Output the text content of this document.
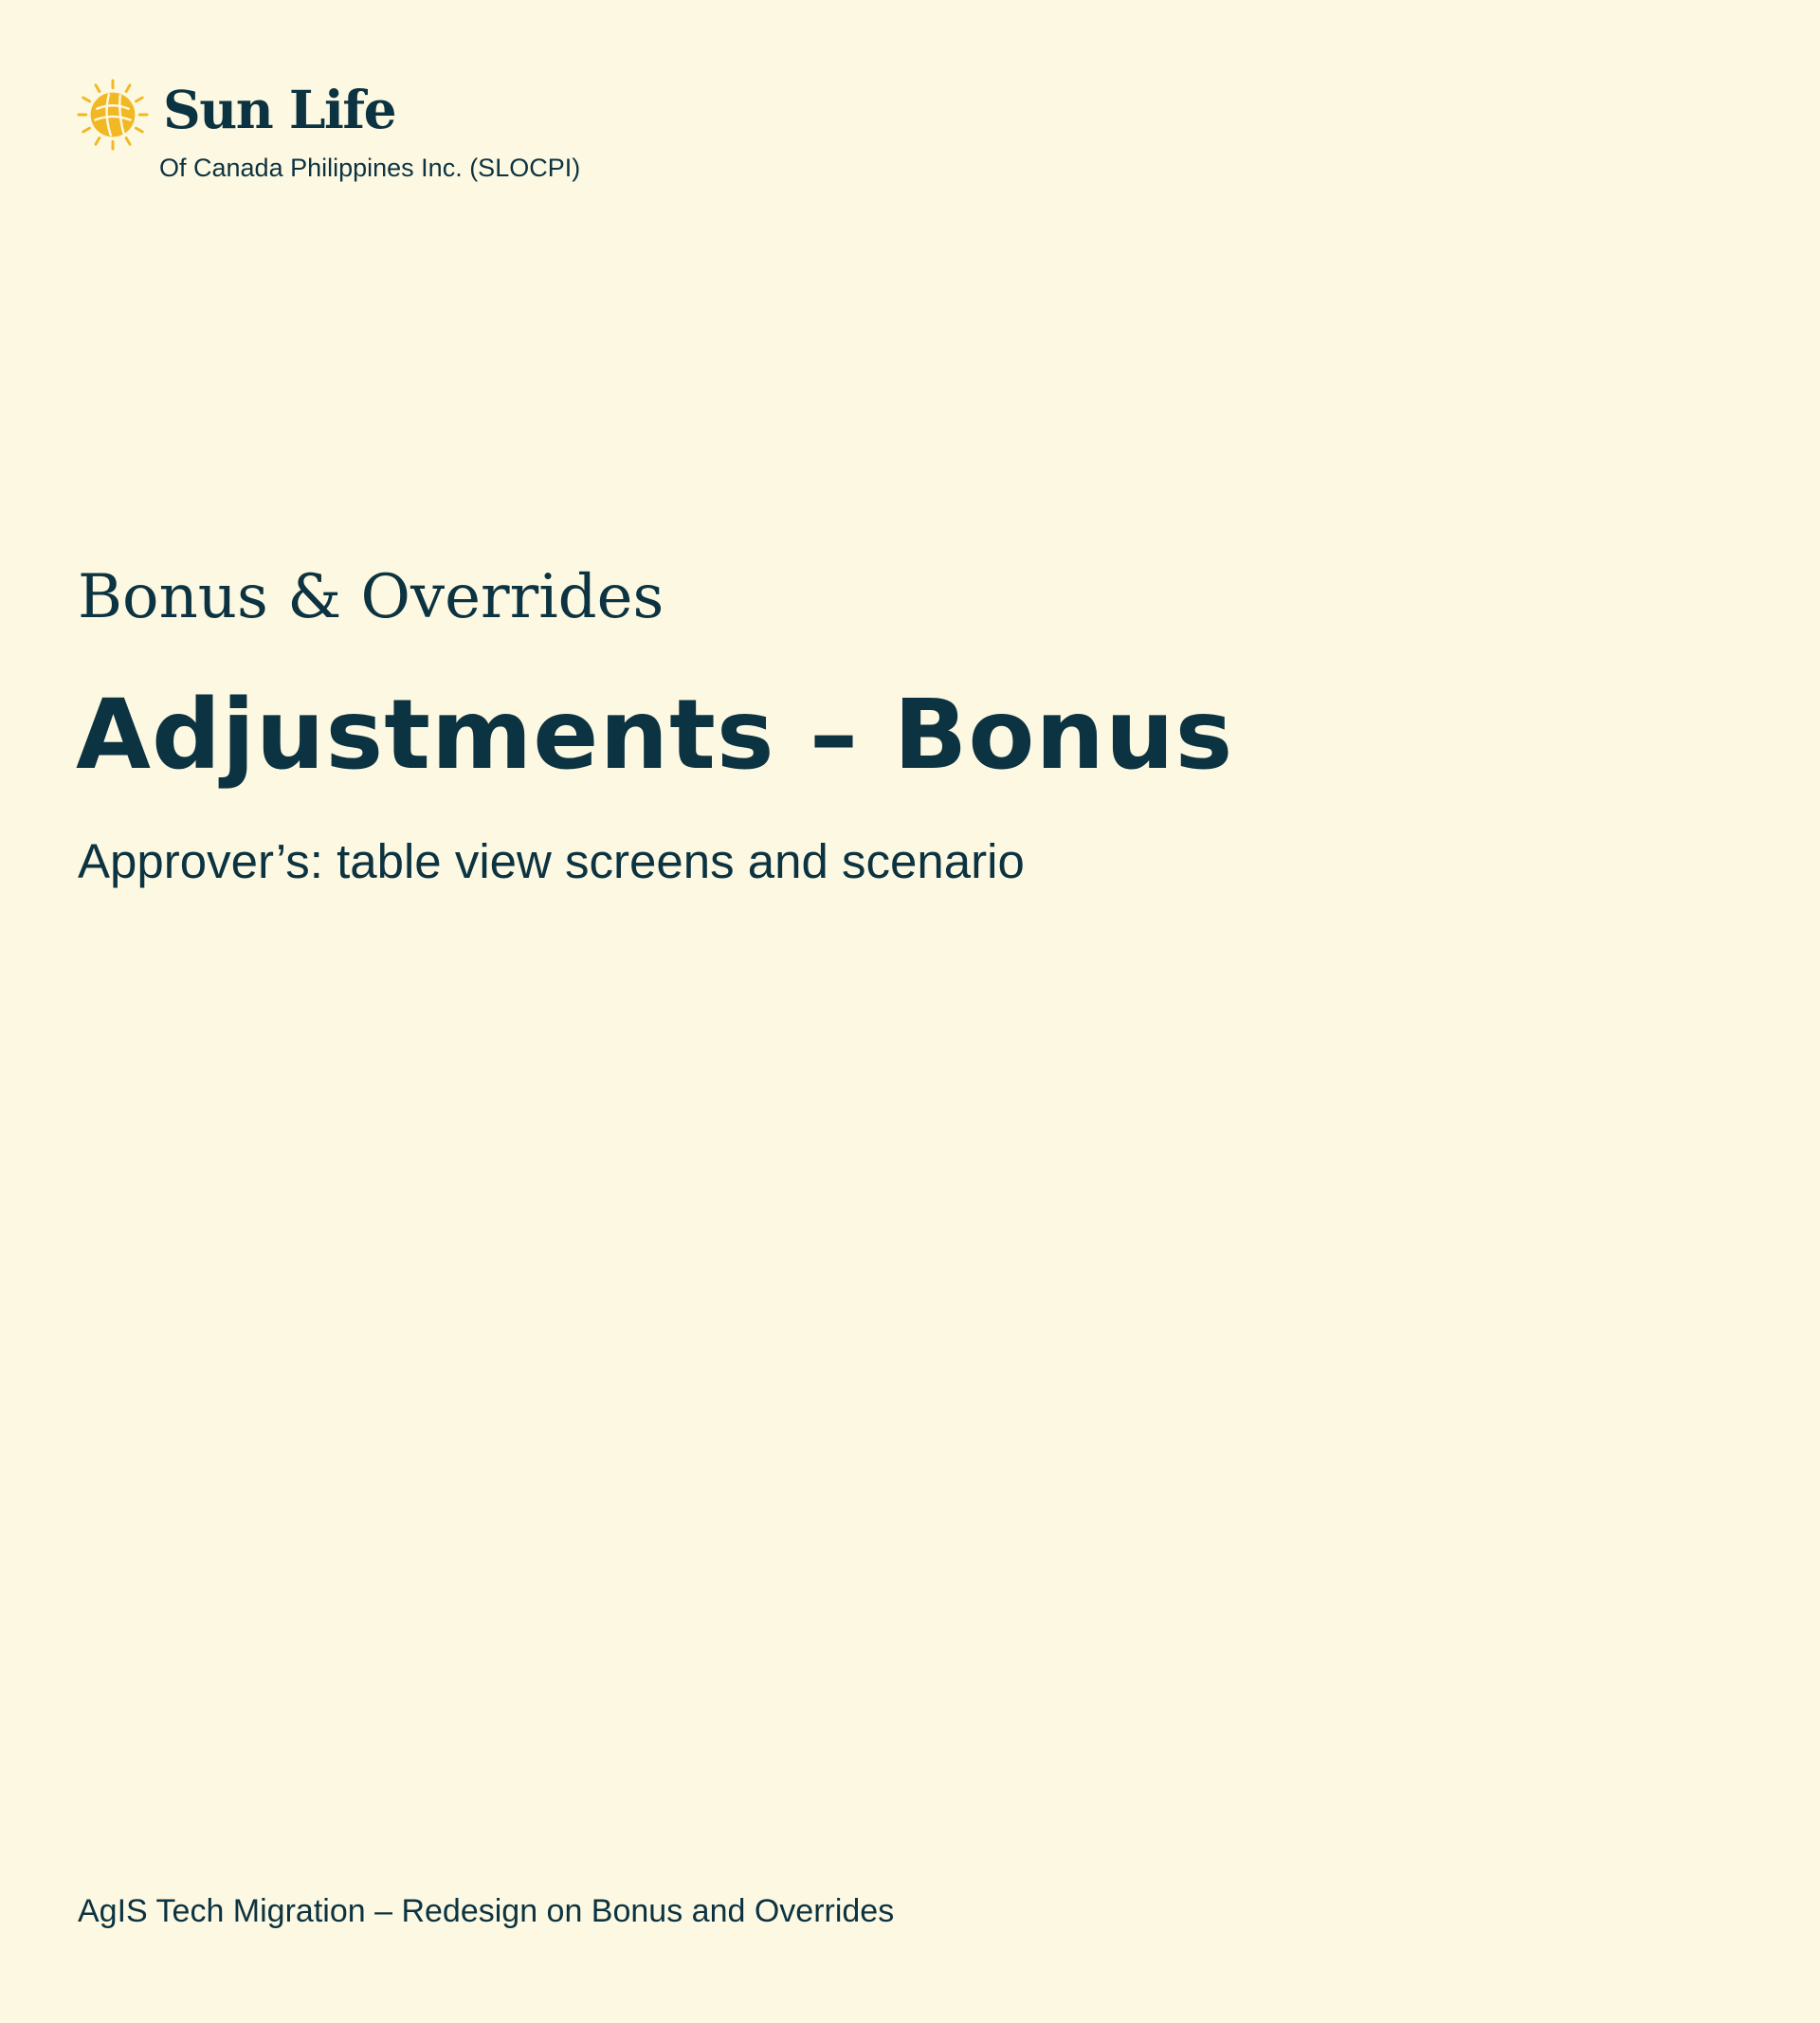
Sun Life
Of Canada Philippines Inc. (SLOCPI)
Bonus & Overrides
Adjustments – Bonus
Approver’s: table view screens and scenario
AgIS Tech Migration – Redesign on Bonus and Overrides
